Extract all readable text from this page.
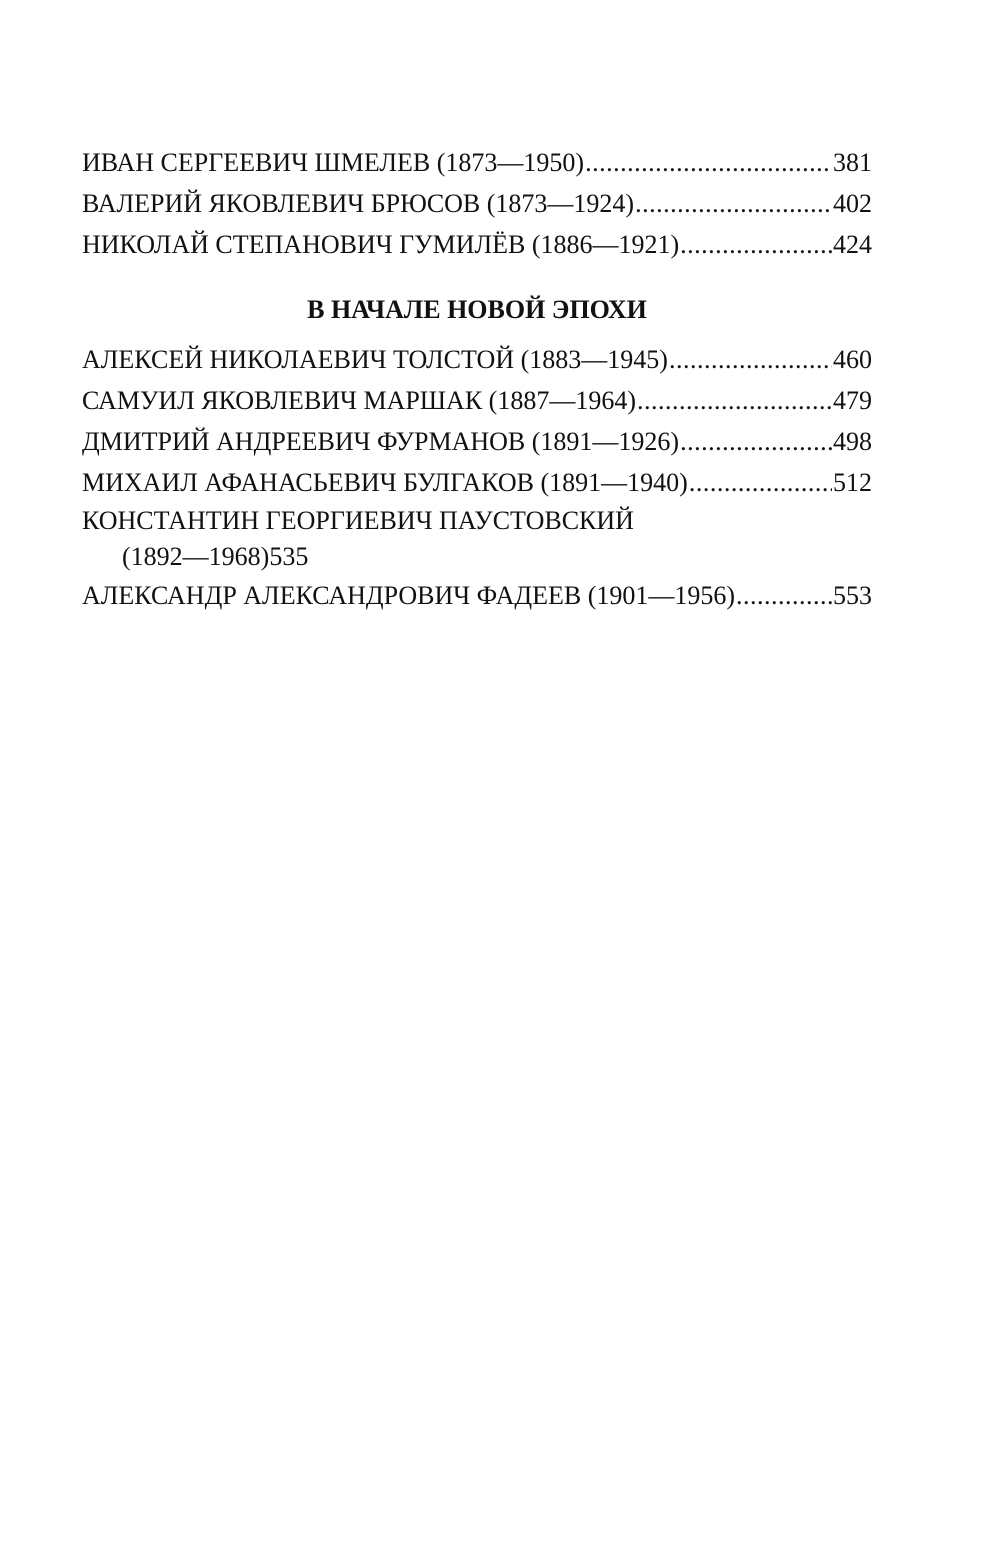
ИВАН СЕРГЕЕВИЧ ШМЕЛЕВ (1873—1950) .....	381
ВАЛЕРИЙ ЯКОВЛЕВИЧ БРЮСОВ (1873—1924) .....	402
НИКОЛАЙ СТЕПАНОВИЧ ГУМИЛЁВ (1886—1921) .....	424
В НАЧАЛЕ НОВОЙ ЭПОХИ
АЛЕКСЕЙ НИКОЛАЕВИЧ ТОЛСТОЙ (1883—1945) .....	460
САМУИЛ ЯКОВЛЕВИЧ МАРШАК (1887—1964) .....	479
ДМИТРИЙ АНДРЕЕВИЧ ФУРМАНОВ (1891—1926) .....	498
МИХАИЛ АФАНАСЬЕВИЧ БУЛГАКОВ (1891—1940) .....	512
КОНСТАНТИН ГЕОРГИЕВИЧ ПАУСТОВСКИЙ
(1892—1968) 535
АЛЕКСАНДР АЛЕКСАНДРОВИЧ ФАДЕЕВ (1901—1956) .....	553
